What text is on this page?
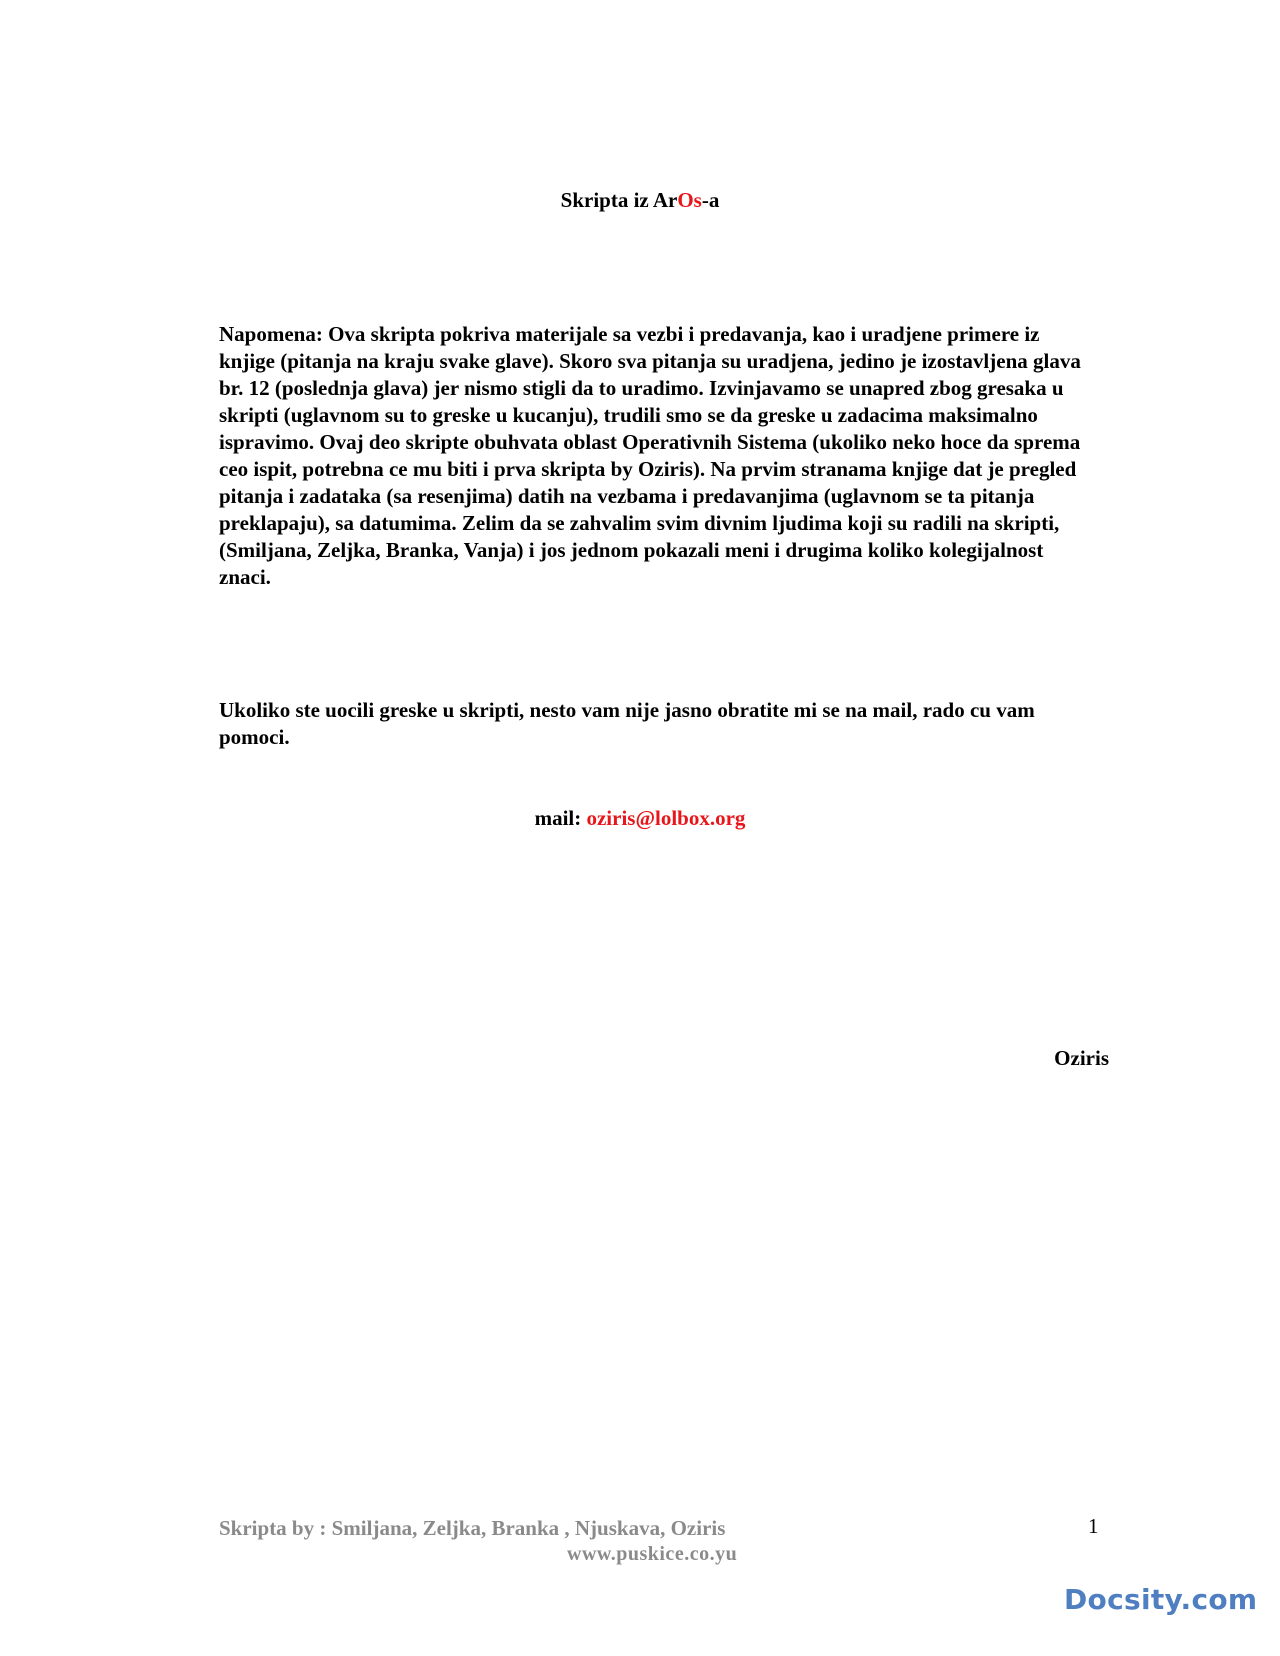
Skripta iz ArOs-a

Napomena: Ova skripta pokriva materijale sa vezbi i predavanja, kao i uradjene primere iz knjige (pitanja na kraju svake glave). Skoro sva pitanja su uradjena, jedino je izostavljena glava br. 12 (poslednja glava) jer nismo stigli da to uradimo. Izvinjavamo se unapred zbog gresaka u skripti (uglavnom su to greske u kucanju), trudili smo se da greske u zadacima maksimalno ispravimo. Ovaj deo skripte obuhvata oblast Operativnih Sistema (ukoliko neko hoce da sprema ceo ispit, potrebna ce mu biti i prva skripta by Oziris). Na prvim stranama knjige dat je pregled pitanja i zadataka (sa resenjima) datih na vezbama i predavanjima (uglavnom se ta pitanja preklapaju), sa datumima. Zelim da se zahvalim svim divnim ljudima koji su radili na skripti, (Smiljana, Zeljka, Branka, Vanja) i jos jednom pokazali meni i drugima koliko kolegijalnost znaci.

Ukoliko ste uocili greske u skripti, nesto vam nije jasno obratite mi se na mail, rado cu vam pomoci.

mail: oziris@lolbox.org
Oziris
Skripta by : Smiljana, Zeljka, Branka , Njuskava, Oziris
www.puskice.co.yu
1
Docsity.com
